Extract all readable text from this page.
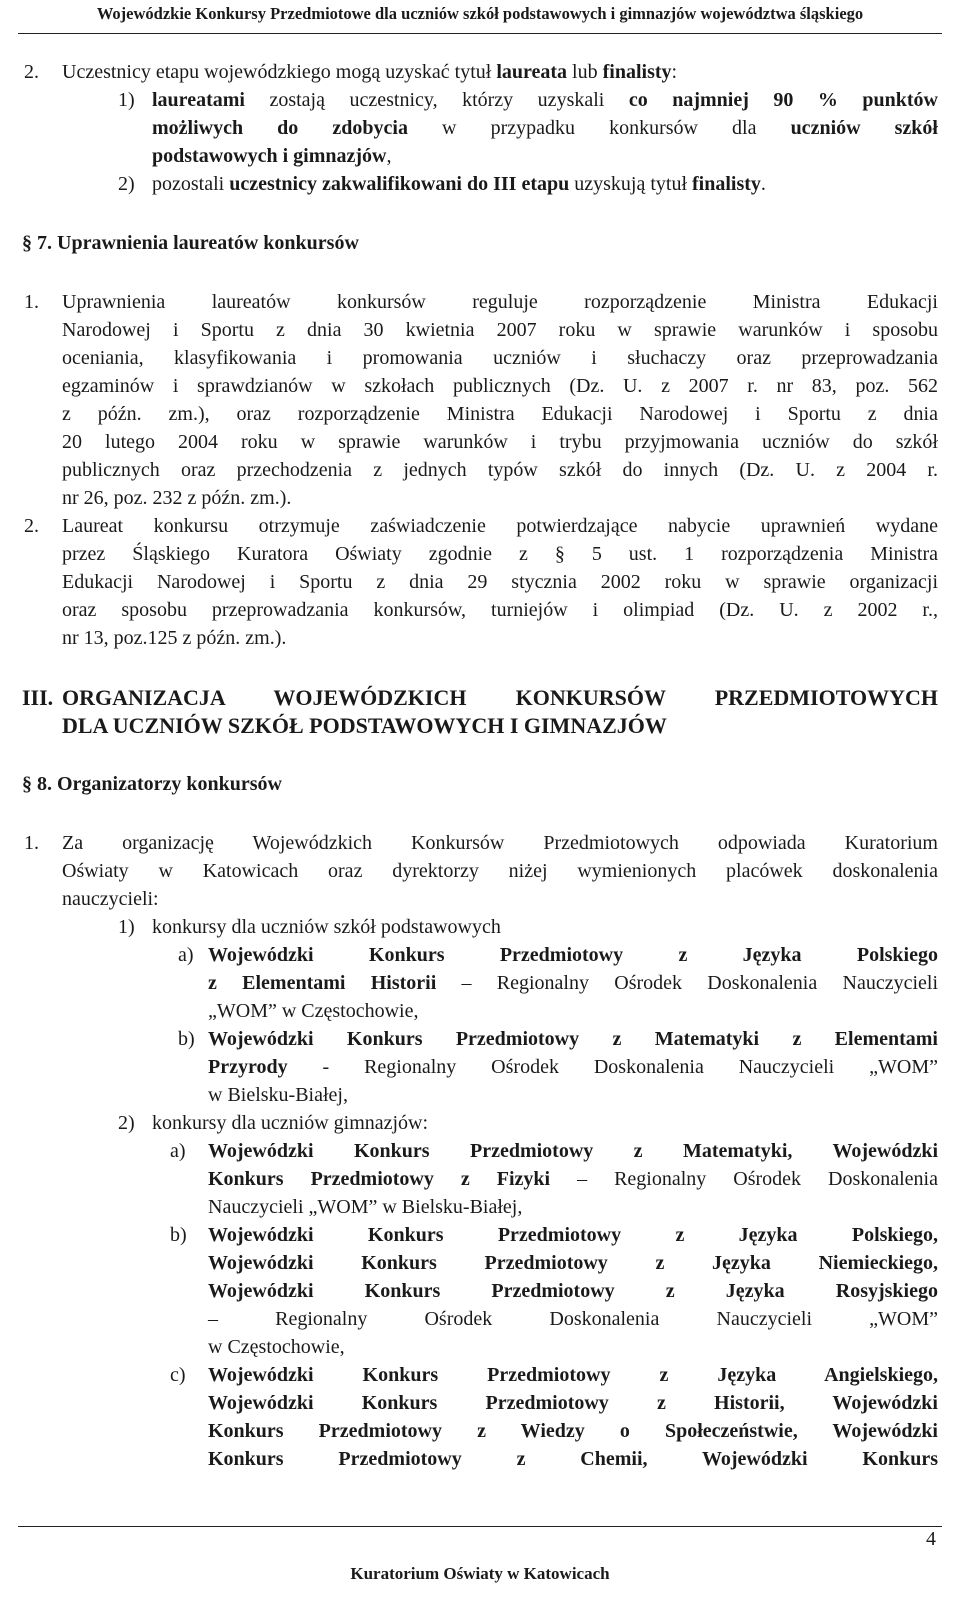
Wojewódzkie Konkursy Przedmiotowe dla uczniów szkół podstawowych i gimnazjów województwa śląskiego
2. Uczestnicy etapu wojewódzkiego mogą uzyskać tytuł laureata lub finalisty:
1) laureatami zostają uczestnicy, którzy uzyskali co najmniej 90 % punktów
możliwych do zdobycia w przypadku konkursów dla uczniów szkół
podstawowych i gimnazjów,
2) pozostali uczestnicy zakwalifikowani do III etapu uzyskują tytuł finalisty.
§ 7. Uprawnienia laureatów konkursów
1. Uprawnienia laureatów konkursów reguluje rozporządzenie Ministra Edukacji
Narodowej i Sportu z dnia 30 kwietnia 2007 roku w sprawie warunków i sposobu
oceniania, klasyfikowania i promowania uczniów i słuchaczy oraz przeprowadzania
egzaminów i sprawdzianów w szkołach publicznych (Dz. U. z 2007 r. nr 83, poz. 562
z późn. zm.), oraz rozporządzenie Ministra Edukacji Narodowej i Sportu z dnia
20 lutego 2004 roku w sprawie warunków i trybu przyjmowania uczniów do szkół
publicznych oraz przechodzenia z jednych typów szkół do innych (Dz. U. z 2004 r.
nr 26, poz. 232 z późn. zm.).
2. Laureat konkursu otrzymuje zaświadczenie potwierdzające nabycie uprawnień wydane
przez Śląskiego Kuratora Oświaty zgodnie z § 5 ust. 1 rozporządzenia Ministra
Edukacji Narodowej i Sportu z dnia 29 stycznia 2002 roku w sprawie organizacji
oraz sposobu przeprowadzania konkursów, turniejów i olimpiad (Dz. U. z 2002 r.,
nr 13, poz.125 z późn. zm.).
III. ORGANIZACJA WOJEWÓDZKICH KONKURSÓW PRZEDMIOTOWYCH
DLA UCZNIÓW SZKÓŁ PODSTAWOWYCH I GIMNAZJÓW
§ 8. Organizatorzy konkursów
1. Za organizację Wojewódzkich Konkursów Przedmiotowych odpowiada Kuratorium
Oświaty w Katowicach oraz dyrektorzy niżej wymienionych placówek doskonalenia
nauczycieli:
1) konkursy dla uczniów szkół podstawowych
a) Wojewódzki Konkurs Przedmiotowy z Języka Polskiego
z Elementami Historii – Regionalny Ośrodek Doskonalenia Nauczycieli
„WOM” w Częstochowie,
b) Wojewódzki Konkurs Przedmiotowy z Matematyki z Elementami
Przyrody - Regionalny Ośrodek Doskonalenia Nauczycieli „WOM”
w Bielsku-Białej,
2) konkursy dla uczniów gimnazjów:
a) Wojewódzki Konkurs Przedmiotowy z Matematyki, Wojewódzki
Konkurs Przedmiotowy z Fizyki – Regionalny Ośrodek Doskonalenia
Nauczycieli „WOM” w Bielsku-Białej,
b) Wojewódzki Konkurs Przedmiotowy z Języka Polskiego,
Wojewódzki Konkurs Przedmiotowy z Języka Niemieckiego,
Wojewódzki Konkurs Przedmiotowy z Języka Rosyjskiego
– Regionalny Ośrodek Doskonalenia Nauczycieli „WOM”
w Częstochowie,
c) Wojewódzki Konkurs Przedmiotowy z Języka Angielskiego,
Wojewódzki Konkurs Przedmiotowy z Historii, Wojewódzki
Konkurs Przedmiotowy z Wiedzy o Społeczeństwie, Wojewódzki
Konkurs Przedmiotowy z Chemii, Wojewódzki Konkurs
4
Kuratorium Oświaty w Katowicach
